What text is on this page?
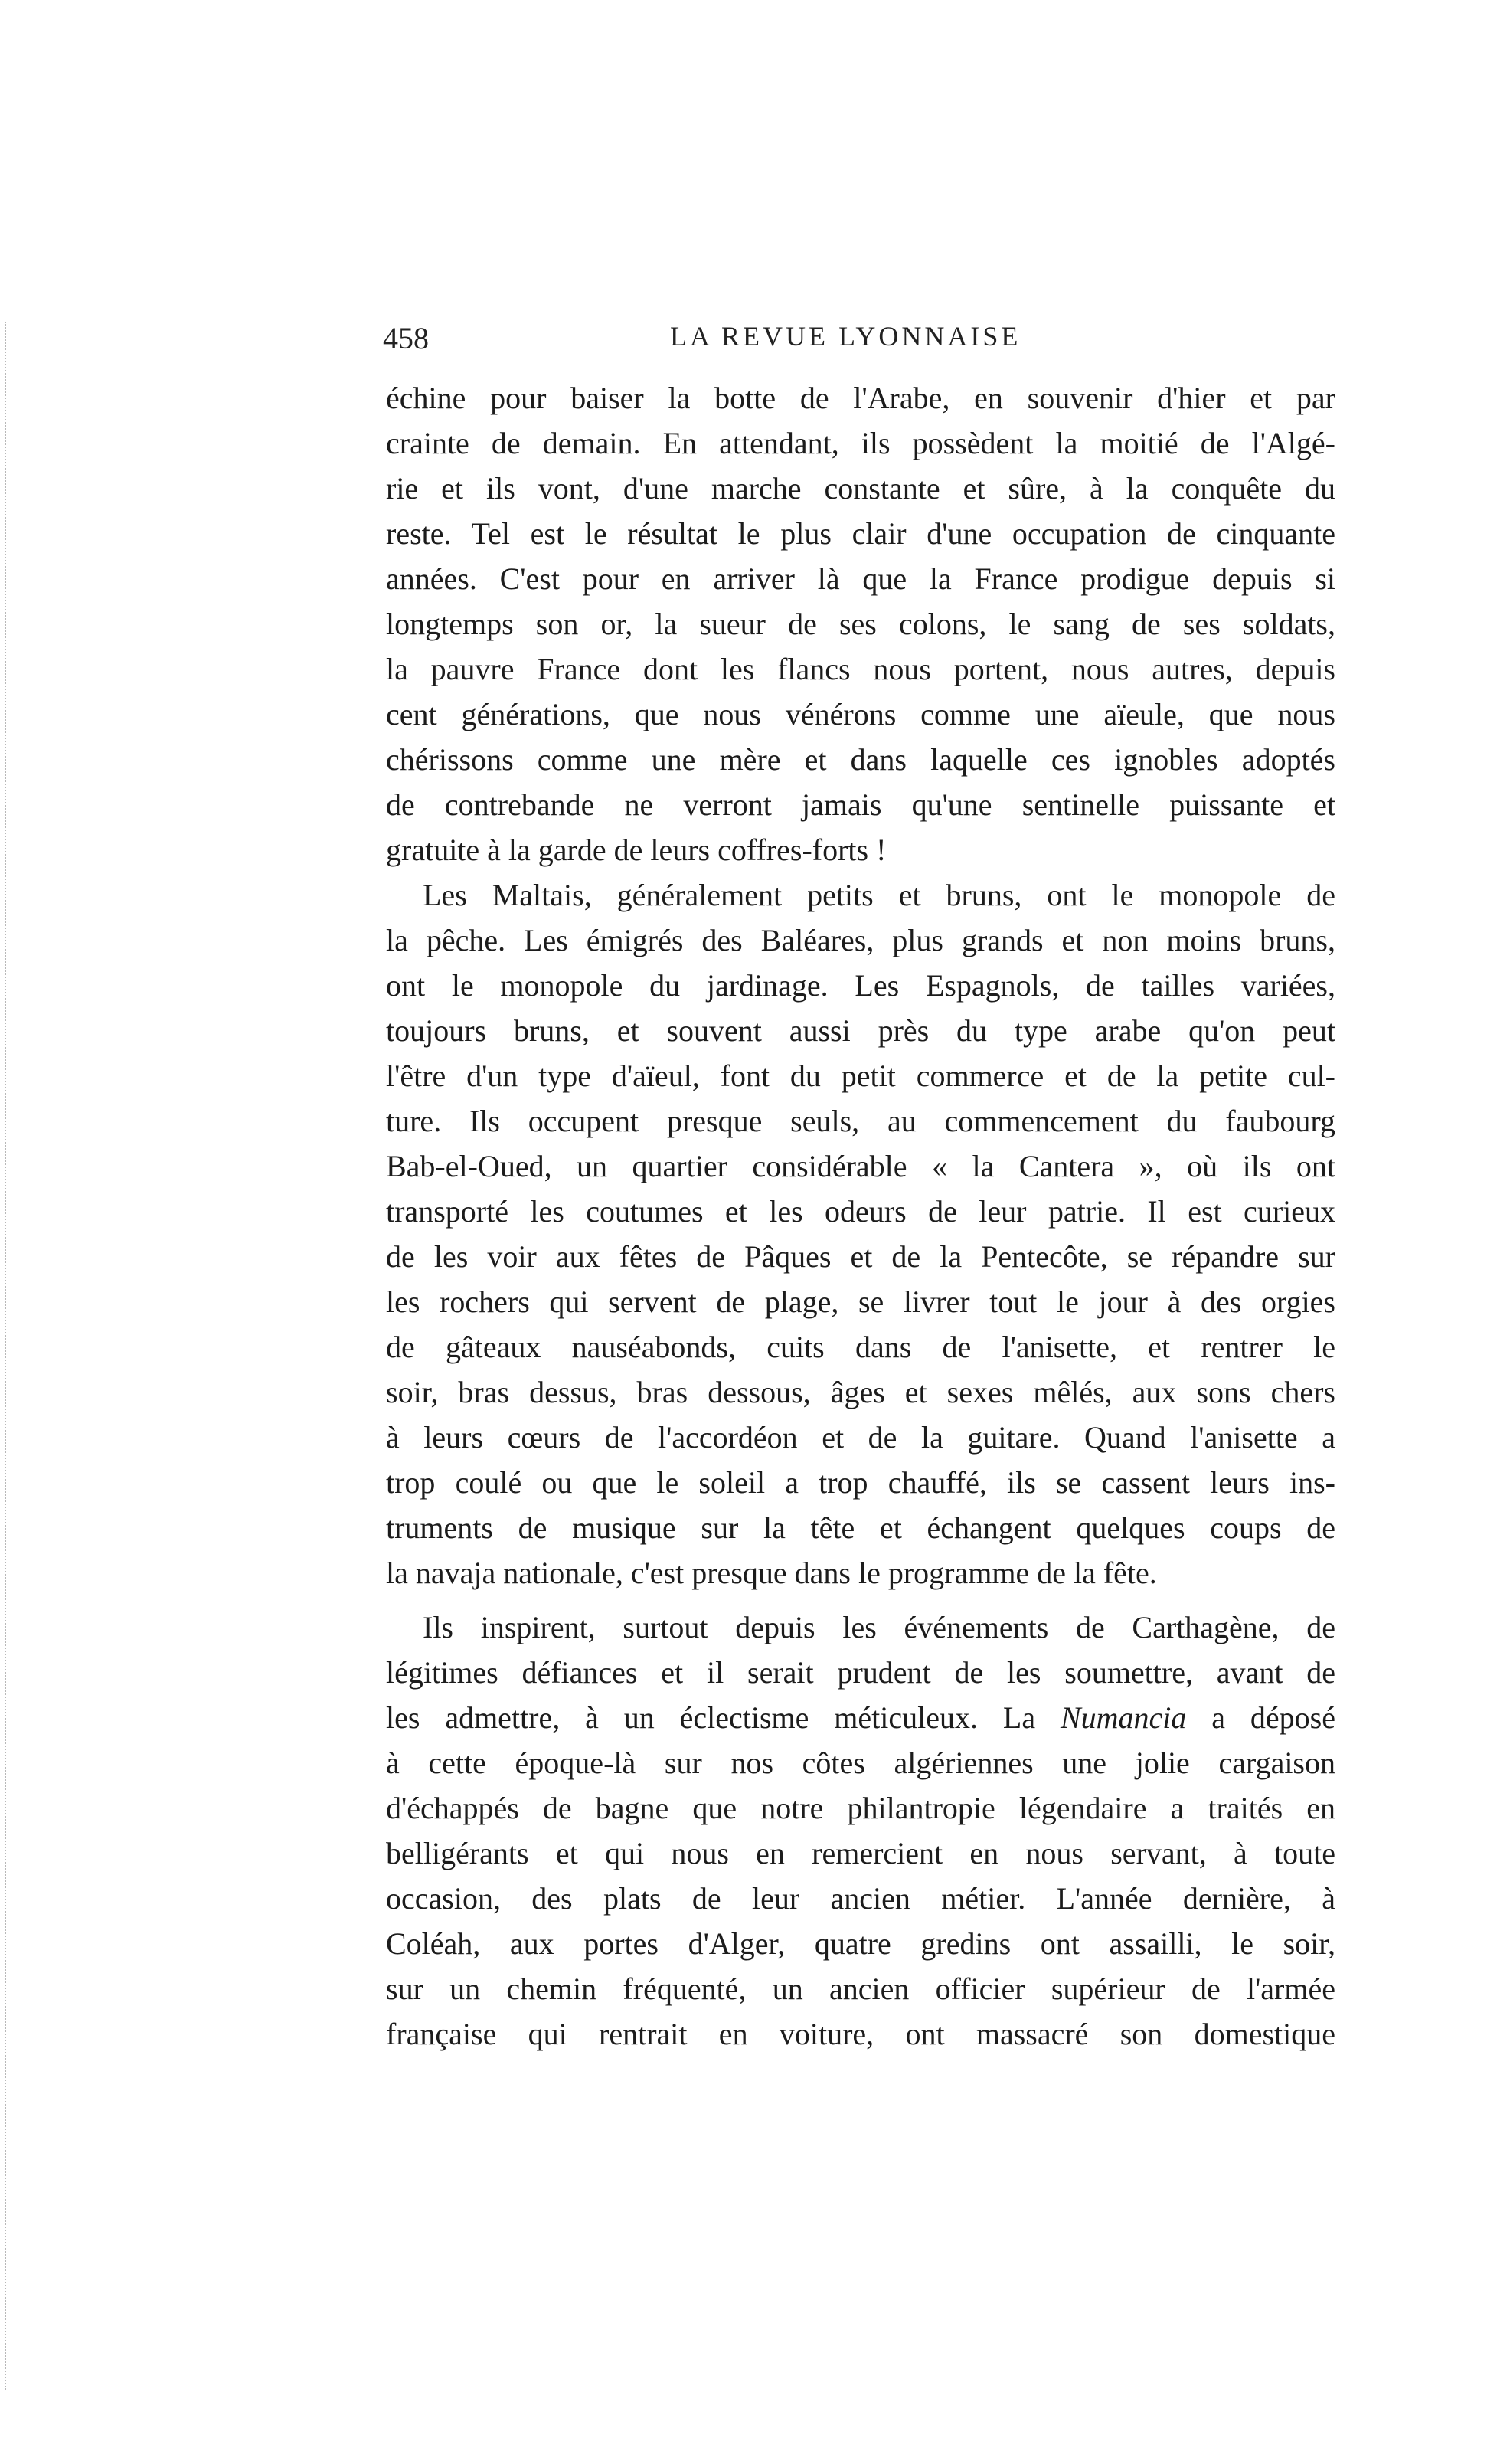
458	LA REVUE LYONNAISE
échine pour baiser la botte de l'Arabe, en souvenir d'hier et par
crainte de demain. En attendant, ils possèdent la moitié de l'Algé-
rie et ils vont, d'une marche constante et sûre, à la conquête du
reste. Tel est le résultat le plus clair d'une occupation de cinquante
années. C'est pour en arriver là que la France prodigue depuis si
longtemps son or, la sueur de ses colons, le sang de ses soldats,
la pauvre France dont les flancs nous portent, nous autres, depuis
cent générations, que nous vénérons comme une aïeule, que nous
chérissons comme une mère et dans laquelle ces ignobles adoptés
de contrebande ne verront jamais qu'une sentinelle puissante et
gratuite à la garde de leurs coffres-forts !
Les Maltais, généralement petits et bruns, ont le monopole de
la pêche. Les émigrés des Baléares, plus grands et non moins bruns,
ont le monopole du jardinage. Les Espagnols, de tailles variées,
toujours bruns, et souvent aussi près du type arabe qu'on peut
l'être d'un type d'aïeul, font du petit commerce et de la petite cul-
ture. Ils occupent presque seuls, au commencement du faubourg
Bab-el-Oued, un quartier considérable « la Cantera », où ils ont
transporté les coutumes et les odeurs de leur patrie. Il est curieux
de les voir aux fêtes de Pâques et de la Pentecôte, se répandre sur
les rochers qui servent de plage, se livrer tout le jour à des orgies
de gâteaux nauséabonds, cuits dans de l'anisette, et rentrer le
soir, bras dessus, bras dessous, âges et sexes mêlés, aux sons chers
à leurs cœurs de l'accordéon et de la guitare. Quand l'anisette a
trop coulé ou que le soleil a trop chauffé, ils se cassent leurs ins-
truments de musique sur la tête et échangent quelques coups de
la navaja nationale, c'est presque dans le programme de la fête.
Ils inspirent, surtout depuis les événements de Carthagène, de
légitimes défiances et il serait prudent de les soumettre, avant de
les admettre, à un éclectisme méticuleux. La Numancia a déposé
à cette époque-là sur nos côtes algériennes une jolie cargaison
d'échappés de bagne que notre philantropie légendaire a traités en
belligérants et qui nous en remercient en nous servant, à toute
occasion, des plats de leur ancien métier. L'année dernière, à
Coléah, aux portes d'Alger, quatre gredins ont assailli, le soir,
sur un chemin fréquenté, un ancien officier supérieur de l'armée
française qui rentrait en voiture, ont massacré son domestique
